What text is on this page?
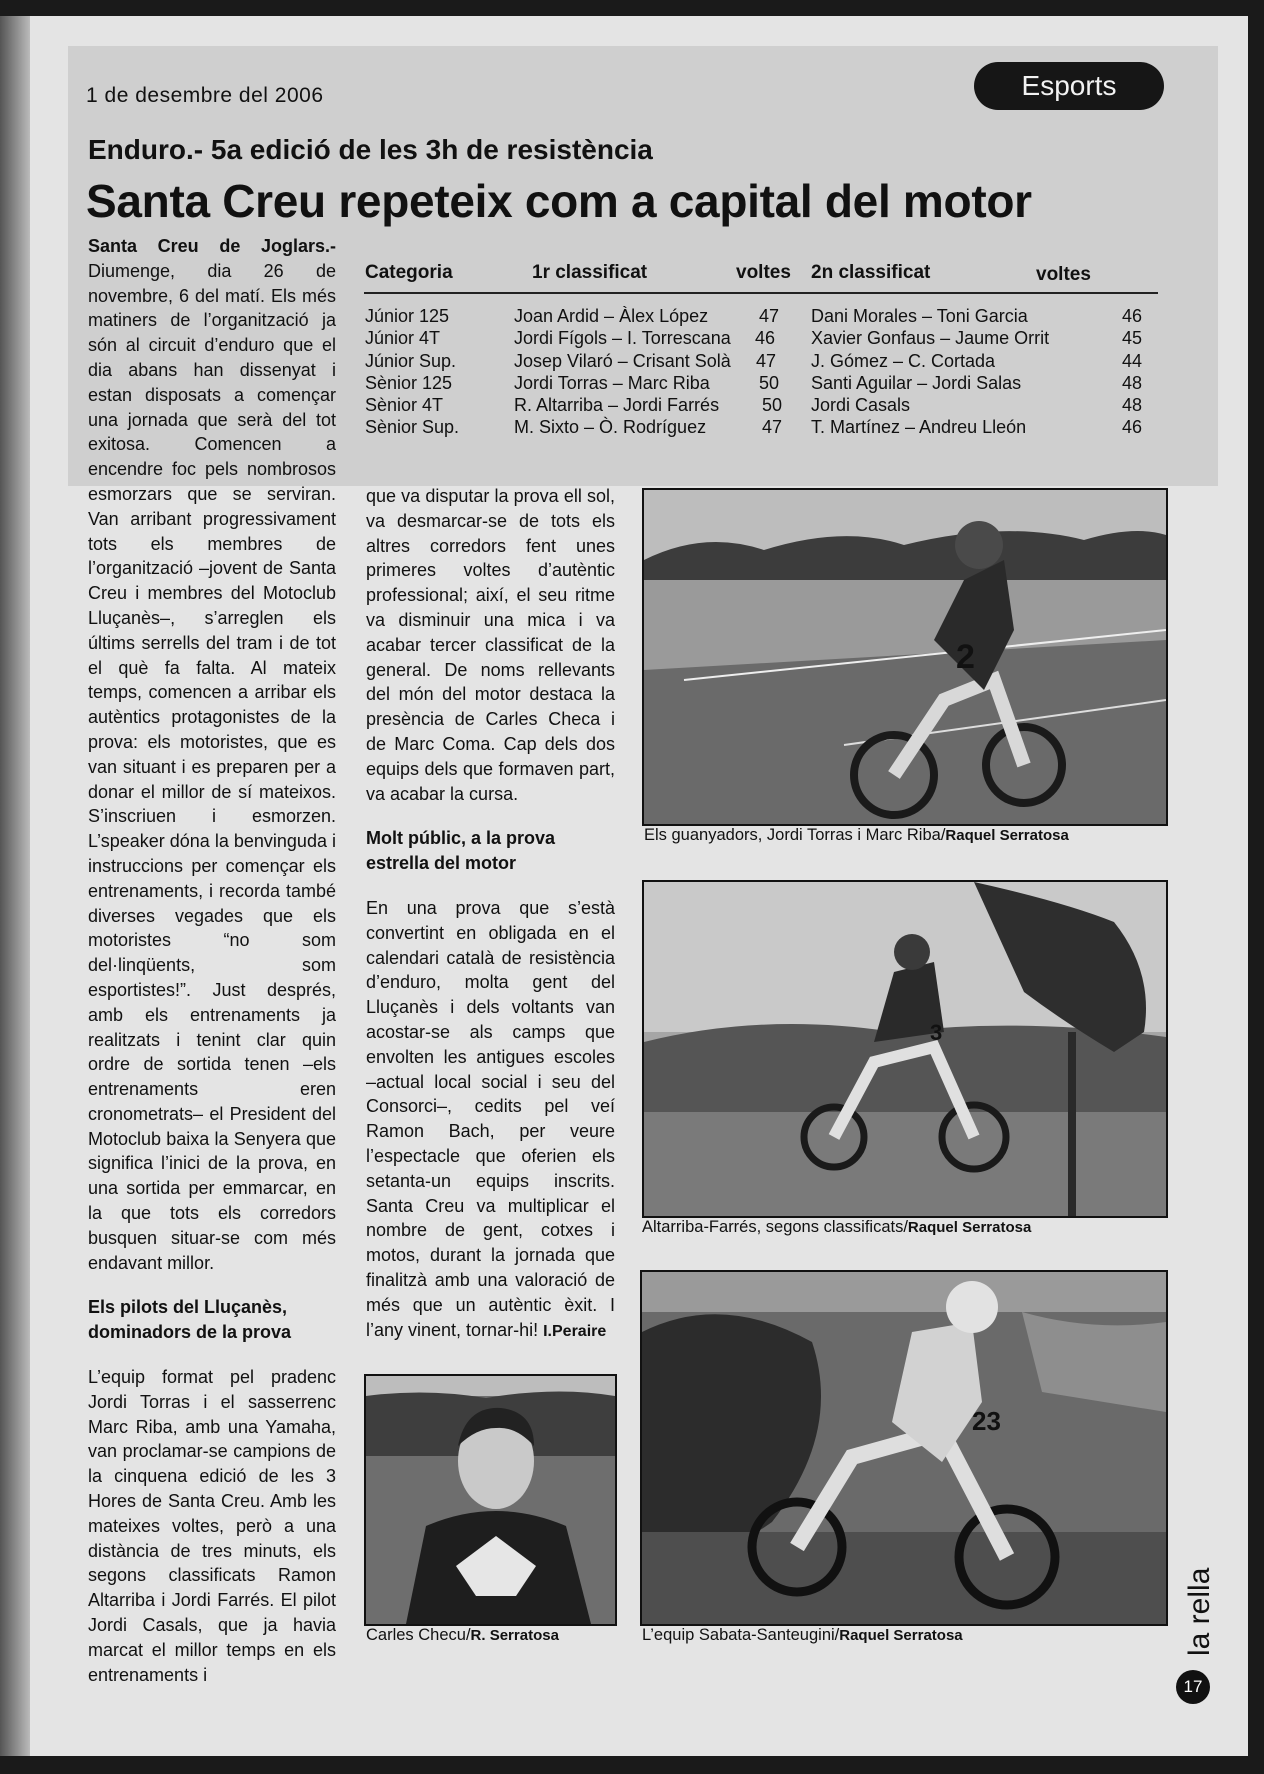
1 de desembre del 2006	Esports
Enduro.- 5a edició de les 3h de resistència
Santa Creu repeteix com a capital del motor

Santa Creu de Joglars.- Diumenge, dia 26 de novembre, 6 del matí. Els més matiners de l’organització ja són al circuit d’enduro que el dia abans han dissenyat i estan disposats a començar una jornada que serà del tot exitosa. Comencen a encendre foc pels nombrosos esmorzars que se serviran. Van arribant progressivament tots els membres de l’organització –jovent de Santa Creu i membres del Motoclub Lluçanès–, s’arreglen els últims serrells del tram i de tot el què fa falta. Al mateix temps, comencen a arribar els autèntics protagonistes de la prova: els motoristes, que es van situant i es preparen per a donar el millor de sí mateixos. S’inscriuen i esmorzen. L’speaker dóna la benvinguda i instruccions per començar els entrenaments, i recorda també diverses vegades que els motoristes “no som del·linqüents, som esportistes!”. Just després, amb els entrenaments ja realitzats i tenint clar quin ordre de sortida tenen –els entrenaments eren cronometrats– el President del Motoclub baixa la Senyera que significa l’inici de la prova, en una sortida per emmarcar, en la que tots els corredors busquen situar-se com més endavant millor.

Els pilots del Lluçanès, dominadors de la prova

L’equip format pel pradenc Jordi Torras i el sasserrenc Marc Riba, amb una Yamaha, van proclamar-se campions de la cinquena edició de les 3 Hores de Santa Creu. Amb les mateixes voltes, però a una distància de tres minuts, els segons classificats Ramon Altarriba i Jordi Farrés. El pilot Jordi Casals, que ja havia marcat el millor temps en els entrenaments i

Categoria	1r classificat	voltes 2n classificat	voltes
Júnior 125	Joan Ardid – Àlex López	47 Dani Morales – Toni Garcia	46
Júnior 4T	Jordi Fígols – I. Torrescana 46 Xavier Gonfaus – Jaume Orrit	45
Júnior Sup.	Josep Vilaró – Crisant Solà 47 J. Gómez – C. Cortada	44
Sènior 125	Jordi Torras – Marc Riba	50 Santi Aguilar – Jordi Salas	48
Sènior 4T	R. Altarriba – Jordi Farrés 50 Jordi Casals	48
Sènior Sup.	M. Sixto – Ò. Rodríguez	47 T. Martínez – Andreu Lleón	46

que va disputar la prova ell sol, va desmarcar-se de tots els altres corredors fent unes primeres voltes d’autèntic professional; així, el seu ritme va disminuir una mica i va acabar tercer classificat de la general. De noms rellevants del món del motor destaca la presència de Carles Checa i de Marc Coma. Cap dels dos equips dels que formaven part, va acabar la cursa.

Molt públic, a la prova estrella del motor

En una prova que s’està convertint en obligada en el calendari català de resistència d’enduro, molta gent del Lluçanès i dels voltants van acostar-se als camps que envolten les antigues escoles –actual local social i seu del Consorci–, cedits pel veí Ramon Bach, per veure l’espectacle que oferien els setanta-un equips inscrits. Santa Creu va multiplicar el nombre de gent, cotxes i motos, durant la jornada que finalitzà amb una valoració de més que un autèntic èxit. I l’any vinent, tornar-hi! I.Peraire

2
Els guanyadors, Jordi Torras i Marc Riba/Raquel Serratosa
3
Altarriba-Farrés, segons classificats/Raquel Serratosa
Carles Checu/R. Serratosa
23
L’equip Sabata-Santeugini/Raquel Serratosa	la rella
17
